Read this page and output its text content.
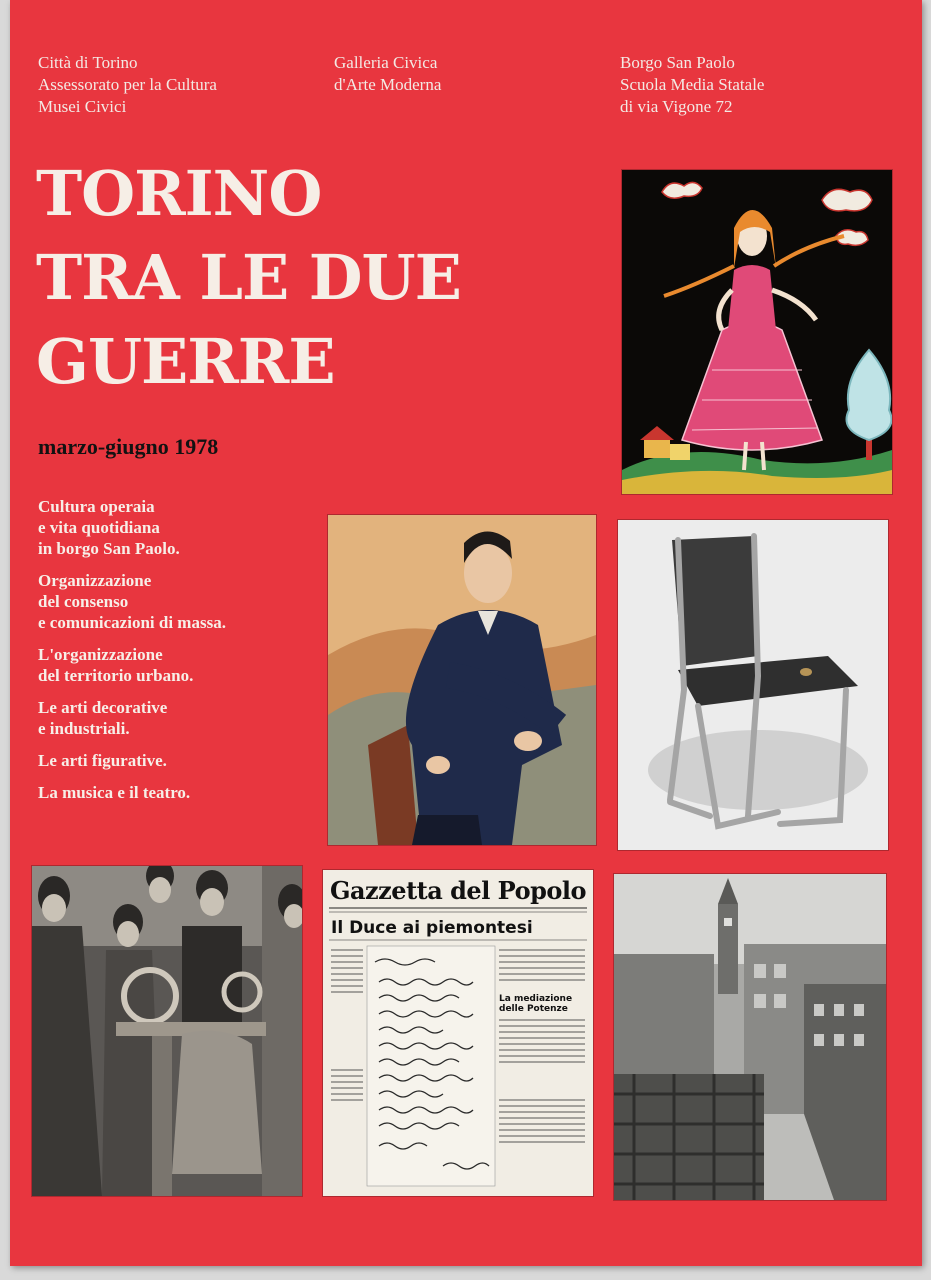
Città di Torino
Assessorato per la Cultura
Musei Civici
Galleria Civica
d'Arte Moderna
Borgo San Paolo
Scuola Media Statale
di via Vigone 72
TORINO
TRA LE DUE
GUERRE
marzo-giugno 1978
Cultura operaia
e vita quotidiana
in borgo San Paolo.
Organizzazione
del consenso
e comunicazioni di massa.
L'organizzazione
del territorio urbano.
Le arti decorative
e industriali.
Le arti figurative.
La musica e il teatro.
Gazzetta del Popolo
Il Duce ai piemontesi
La mediazione delle Potenze
